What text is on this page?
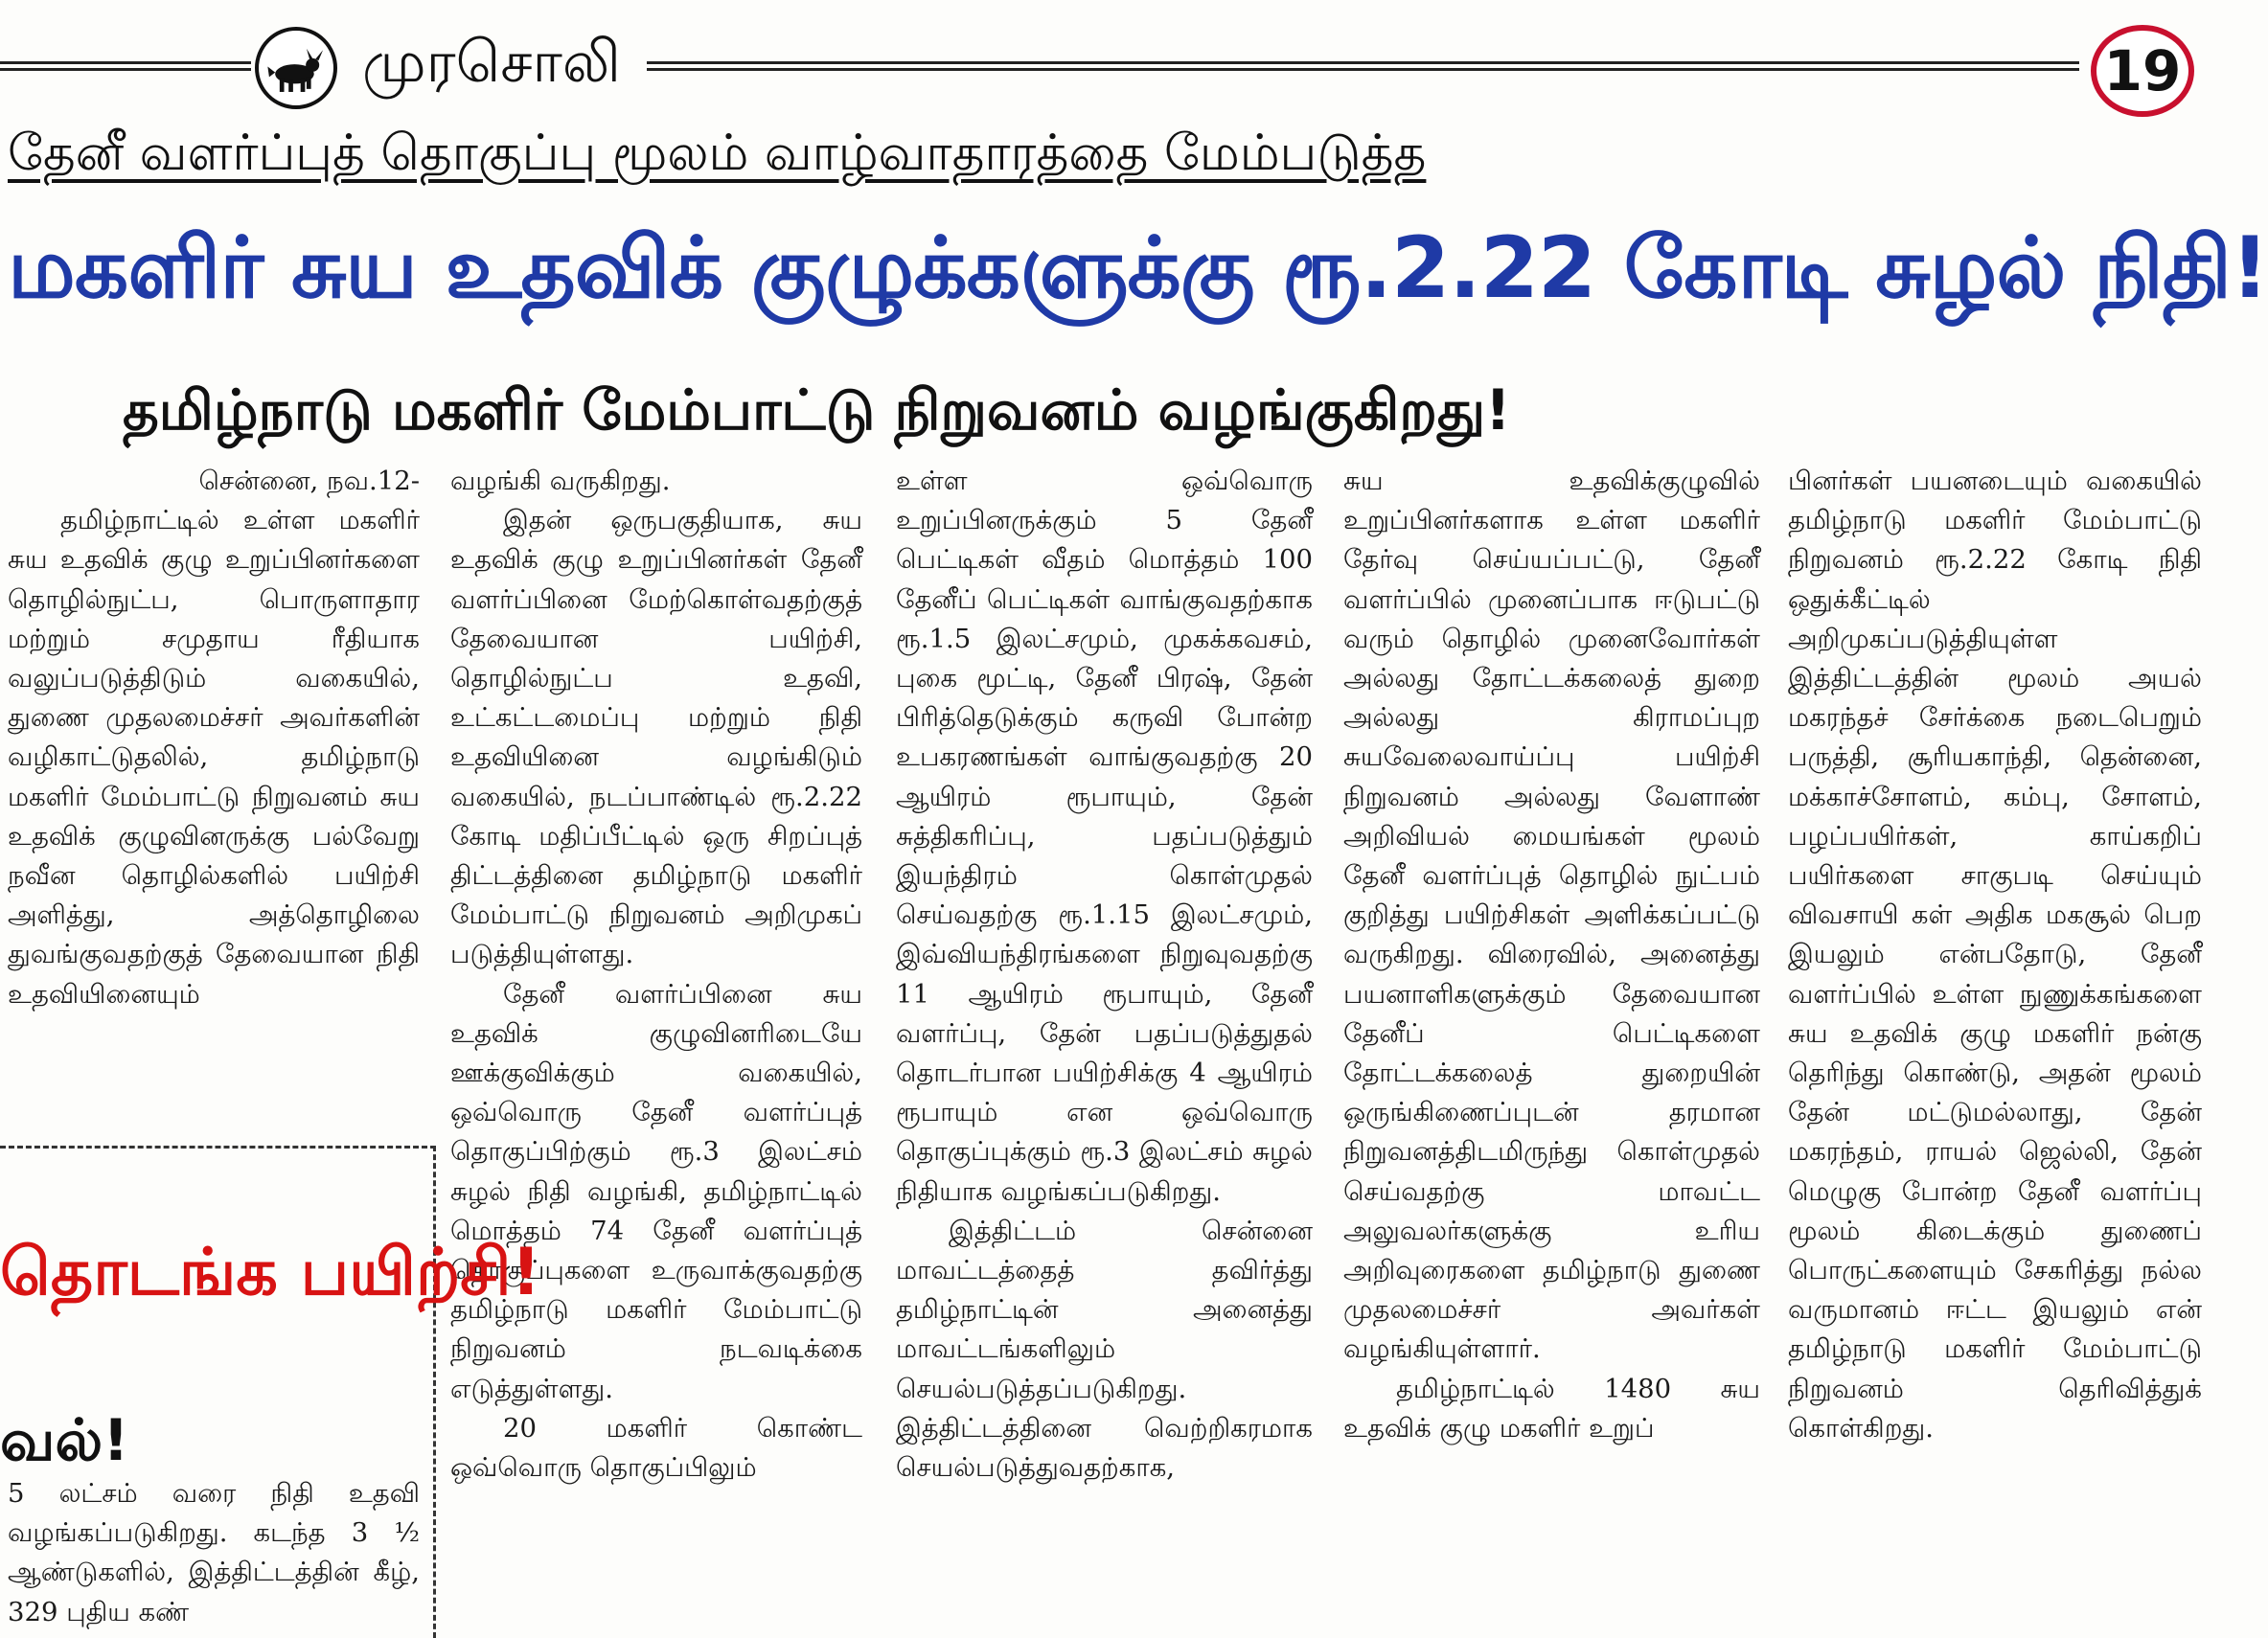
முரசொலி	19
தேனீ வளர்ப்புத் தொகுப்பு மூலம் வாழ்வாதாரத்தை மேம்படுத்த
மகளிர் சுய உதவிக் குழுக்களுக்கு ரூ.2.22 கோடி சுழல் நிதி!
தமிழ்நாடு மகளிர் மேம்பாட்டு நிறுவனம் வழங்குகிறது!
சென்னை, நவ.12-

தமிழ்நாட்டில் உள்ள மகளிர் சுய உதவிக் குழு உறுப்பினர்களை தொழில்நுட்ப, பொருளாதார மற்றும் சமுதாய ரீதியாக வலுப்படுத்திடும் வகையில், துணை முதலமைச்சர் அவர்களின் வழிகாட்டுதலில், தமிழ்நாடு மகளிர் மேம்பாட்டு நிறுவனம் சுய உதவிக் குழுவினருக்கு பல்வேறு நவீன தொழில்களில் பயிற்சி அளித்து, அத்தொழிலை துவங்குவதற்குத் தேவையான நிதி உதவியினையும்

வழங்கி வருகிறது.

இதன் ஒருபகுதியாக, சுய உதவிக் குழு உறுப்பினர்கள் தேனீ வளர்ப்பினை மேற்கொள்வதற்குத் தேவையான பயிற்சி, தொழில்நுட்ப உதவி, உட்கட்டமைப்பு மற்றும் நிதி உதவியினை வழங்கிடும் வகையில், நடப்பாண்டில் ரூ.2.22 கோடி மதிப்பீட்டில் ஒரு சிறப்புத் திட்டத்தினை தமிழ்நாடு மகளிர் மேம்பாட்டு நிறுவனம் அறிமுகப் படுத்தியுள்ளது.

தேனீ வளர்ப்பினை சுய உதவிக் குழுவினரிடையே ஊக்குவிக்கும் வகையில், ஒவ்வொரு தேனீ வளர்ப்புத் தொகுப்பிற்கும் ரூ.3 இலட்சம் சுழல் நிதி வழங்கி, தமிழ்நாட்டில் மொத்தம் 74 தேனீ வளர்ப்புத் தொகுப்புகளை உருவாக்குவதற்கு தமிழ்நாடு மகளிர் மேம்பாட்டு நிறுவனம் நடவடிக்கை எடுத்துள்ளது.

20 மகளிர் கொண்ட ஒவ்வொரு தொகுப்பிலும்

உள்ள ஒவ்வொரு உறுப்பினருக்கும் 5 தேனீ பெட்டிகள் வீதம் மொத்தம் 100 தேனீப் பெட்டிகள் வாங்குவதற்காக ரூ.1.5 இலட்சமும், முகக்கவசம், புகை மூட்டி, தேனீ பிரஷ், தேன் பிரித்தெடுக்கும் கருவி போன்ற உபகரணங்கள் வாங்குவதற்கு 20 ஆயிரம் ரூபாயும், தேன் சுத்திகரிப்பு, பதப்படுத்தும் இயந்திரம் கொள்முதல் செய்வதற்கு ரூ.1.15 இலட்சமும், இவ்வியந்திரங்களை நிறுவுவதற்கு 11 ஆயிரம் ரூபாயும், தேனீ வளர்ப்பு, தேன் பதப்படுத்துதல் தொடர்பான பயிற்சிக்கு 4 ஆயிரம் ரூபாயும் என ஒவ்வொரு தொகுப்புக்கும் ரூ.3 இலட்சம் சுழல் நிதியாக வழங்கப்படுகிறது.

இத்திட்டம் சென்னை மாவட்டத்தைத் தவிர்த்து தமிழ்நாட்டின் அனைத்து மாவட்டங்களிலும் செயல்படுத்தப்படுகிறது. இத்திட்டத்தினை வெற்றிகரமாக செயல்படுத்துவதற்காக,

சுய உதவிக்குழுவில் உறுப்பினர்களாக உள்ள மகளிர் தேர்வு செய்யப்பட்டு, தேனீ வளர்ப்பில் முனைப்பாக ஈடுபட்டு வரும் தொழில் முனைவோர்கள் அல்லது தோட்டக்கலைத் துறை அல்லது கிராமப்புற சுயவேலைவாய்ப்பு பயிற்சி நிறுவனம் அல்லது வேளாண் அறிவியல் மையங்கள் மூலம் தேனீ வளர்ப்புத் தொழில் நுட்பம் குறித்து பயிற்சிகள் அளிக்கப்பட்டு வருகிறது. விரைவில், அனைத்து பயனாளிகளுக்கும் தேவையான தேனீப் பெட்டிகளை தோட்டக்கலைத் துறையின் ஒருங்கிணைப்புடன் தரமான நிறுவனத்திடமிருந்து கொள்முதல் செய்வதற்கு மாவட்ட அலுவலர்களுக்கு உரிய அறிவுரைகளை தமிழ்நாடு துணை முதலமைச்சர் அவர்கள் வழங்கியுள்ளார்.

தமிழ்நாட்டில் 1480 சுய உதவிக் குழு மகளிர் உறுப்

பினர்கள் பயனடையும் வகையில் தமிழ்நாடு மகளிர் மேம்பாட்டு நிறுவனம் ரூ.2.22 கோடி நிதி ஒதுக்கீட்டில் அறிமுகப்படுத்தியுள்ள இத்திட்டத்தின் மூலம் அயல் மகரந்தச் சேர்க்கை நடைபெறும் பருத்தி, சூரியகாந்தி, தென்னை, மக்காச்சோளம், கம்பு, சோளம், பழப்பயிர்கள், காய்கறிப் பயிர்களை சாகுபடி செய்யும் விவசாயி கள் அதிக மகசூல் பெற இயலும் என்பதோடு, தேனீ வளர்ப்பில் உள்ள நுணுக்கங்களை சுய உதவிக் குழு மகளிர் நன்கு தெரிந்து கொண்டு, அதன் மூலம் தேன் மட்டுமல்லாது, தேன் மகரந்தம், ராயல் ஜெல்லி, தேன் மெழுகு போன்ற தேனீ வளர்ப்பு மூலம் கிடைக்கும் துணைப் பொருட்களையும் சேகரித்து நல்ல வருமானம் ஈட்ட இயலும் என் தமிழ்நாடு மகளிர் மேம்பாட்டு நிறுவனம் தெரிவித்துக் கொள்கிறது.

தொடங்க பயிற்சி!
வல்!

5 லட்சம் வரை நிதி உதவி வழங்கப்படுகிறது. கடந்த 3 ½ ஆண்டுகளில், இத்திட்டத்தின் கீழ், 329 புதிய கண்
